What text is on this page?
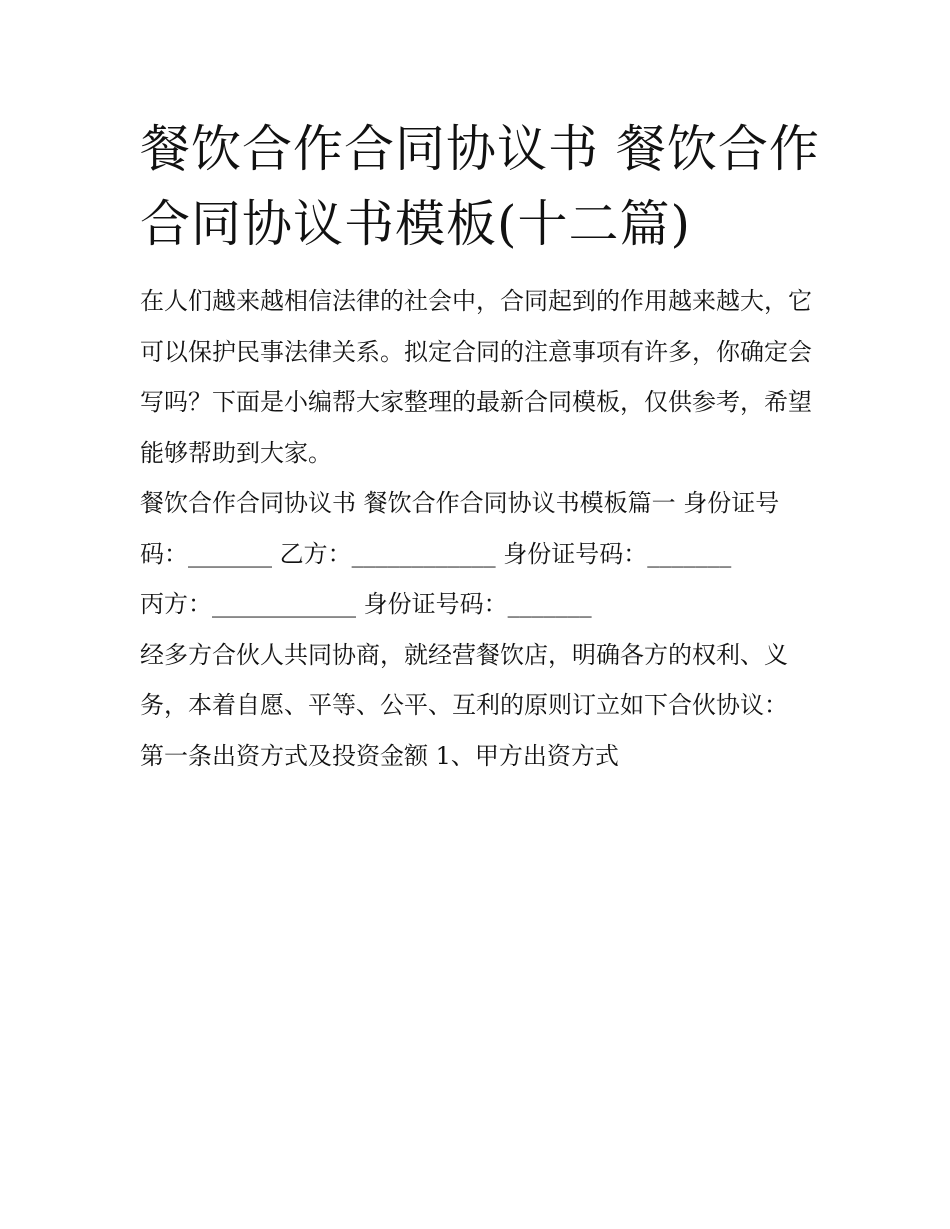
餐饮合作合同协议书 餐饮合作合同协议书模板(十二篇)

在人们越来越相信法律的社会中，合同起到的作用越来越大，它可以保护民事法律关系。拟定合同的注意事项有许多，你确定会写吗？下面是小编帮大家整理的最新合同模板，仅供参考，希望能够帮助到大家。

餐饮合作合同协议书 餐饮合作合同协议书模板篇一 身份证号码：_______ 乙方：____________ 身份证号码：_______

丙方：____________ 身份证号码：_______

经多方合伙人共同协商，就经营餐饮店，明确各方的权利、义务，本着自愿、平等、公平、互利的原则订立如下合伙协议：

第一条出资方式及投资金额 1、甲方出资方式
